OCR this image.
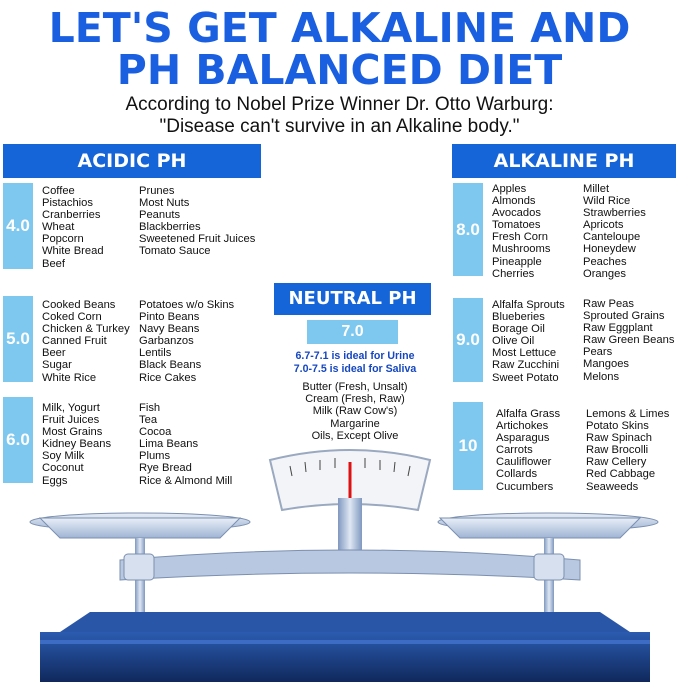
LET'S GET ALKALINE AND
PH BALANCED DIET
According to Nobel Prize Winner Dr. Otto Warburg:
"Disease can't survive in an Alkaline body."
ACIDIC PH	ALKALINE PH
4.0
Coffee
Pistachios
Cranberries
Wheat
Popcorn
White Bread
Beef
Prunes
Most Nuts
Peanuts
Blackberries
Sweetened Fruit Juices
Tomato Sauce
5.0
Cooked Beans
Coked Corn
Chicken & Turkey
Canned Fruit
Beer
Sugar
White Rice
Potatoes w/o Skins
Pinto Beans
Navy Beans
Garbanzos
Lentils
Black Beans
Rice Cakes
6.0
Milk, Yogurt
Fruit Juices
Most Grains
Kidney Beans
Soy Milk
Coconut
Eggs
Fish
Tea
Cocoa
Lima Beans
Plums
Rye Bread
Rice & Almond Mill
NEUTRAL PH
7.0
6.7-7.1 is ideal for Urine
7.0-7.5 is ideal for Saliva
Butter (Fresh, Unsalt)
Cream (Fresh, Raw)
Milk (Raw Cow's)
Margarine
Oils, Except Olive
8.0
Apples
Almonds
Avocados
Tomatoes
Fresh Corn
Mushrooms
Pineapple
Cherries
Millet
Wild Rice
Strawberries
Apricots
Canteloupe
Honeydew
Peaches
Oranges
9.0
Alfalfa Sprouts
Blueberies
Borage Oil
Olive Oil
Most Lettuce
Raw Zucchini
Sweet Potato
Raw Peas
Sprouted Grains
Raw Eggplant
Raw Green Beans
Pears
Mangoes
Melons
10
Alfalfa Grass
Artichokes
Asparagus
Carrots
Cauliflower
Collards
Cucumbers
Lemons & Limes
Potato Skins
Raw Spinach
Raw Brocolli
Raw Cellery
Red Cabbage
Seaweeds
